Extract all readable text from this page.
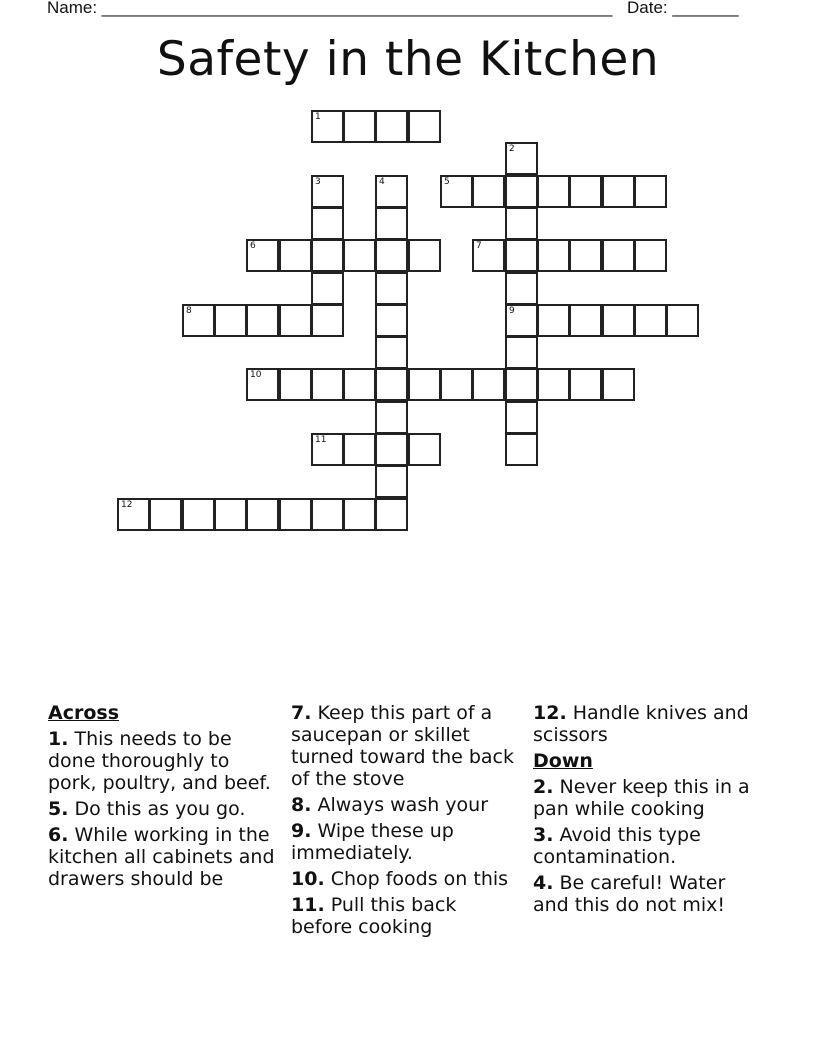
Name: ______________________________________________________ Date: _______
Safety in the Kitchen
1
2
9
3	4	5
6	7
8
10
11
12
Across
1. This needs to be done thoroughly to pork, poultry, and beef.
5. Do this as you go.
6. While working in the kitchen all cabinets and drawers should be
7. Keep this part of a saucepan or skillet turned toward the back of the stove
8. Always wash your
9. Wipe these up immediately.
10. Chop foods on this
11. Pull this back before cooking
12. Handle knives and scissors
Down
2. Never keep this in a pan while cooking
3. Avoid this type contamination.
4. Be careful! Water and this do not mix!
